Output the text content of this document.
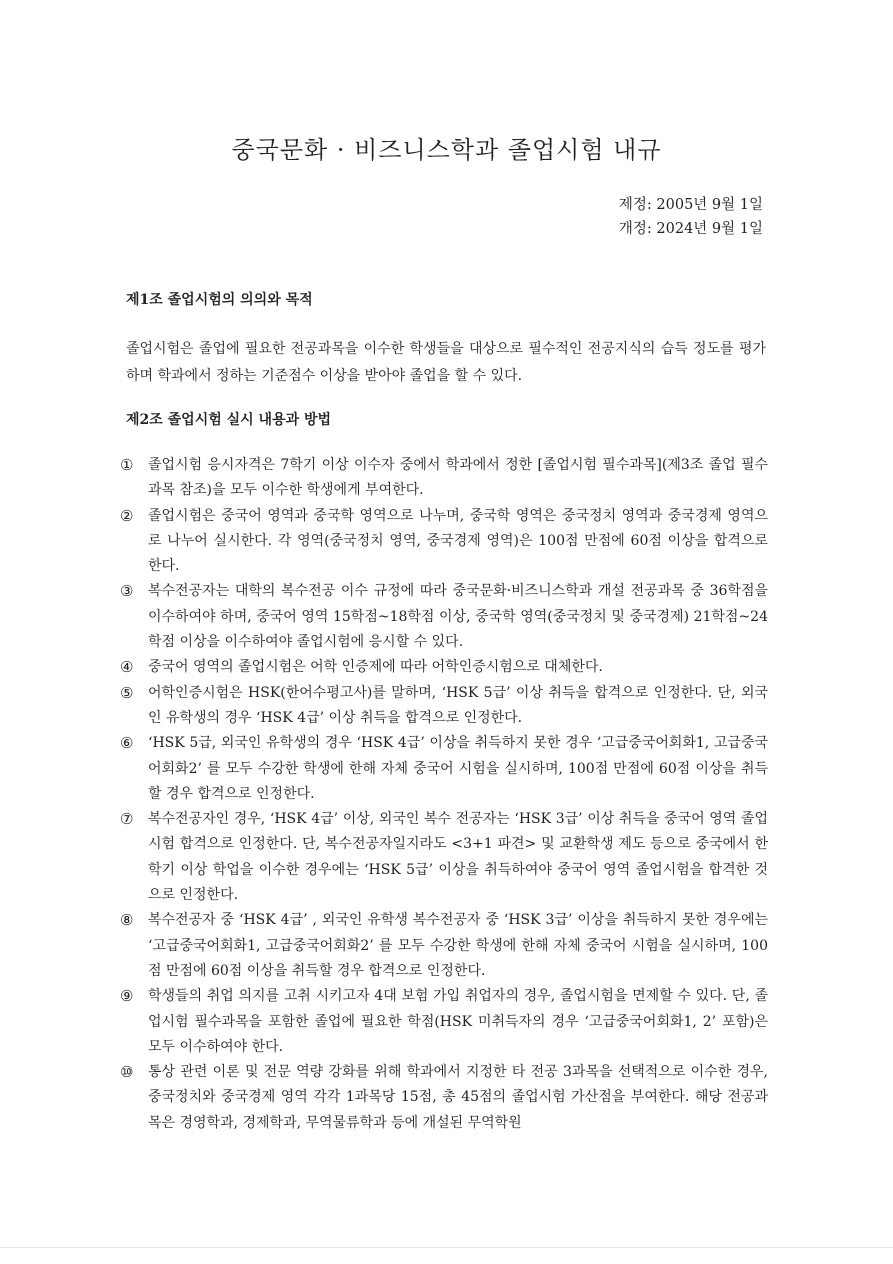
중국문화 · 비즈니스학과 졸업시험 내규
제정: 2005년 9월 1일
개정: 2024년 9월 1일
제1조 졸업시험의 의의와 목적
졸업시험은 졸업에 필요한 전공과목을 이수한 학생들을 대상으로 필수적인 전공지식의 습득 정도를 평가하며 학과에서 정하는 기준점수 이상을 받아야 졸업을 할 수 있다.
제2조 졸업시험 실시 내용과 방법
①	졸업시험 응시자격은 7학기 이상 이수자 중에서 학과에서 정한 [졸업시험 필수과목](제3조 졸업 필수과목 참조)을 모두 이수한 학생에게 부여한다.
②	졸업시험은 중국어 영역과 중국학 영역으로 나누며, 중국학 영역은 중국정치 영역과 중국경제 영역으로 나누어 실시한다. 각 영역(중국정치 영역, 중국경제 영역)은 100점 만점에 60점 이상을 합격으로 한다.
③	복수전공자는 대학의 복수전공 이수 규정에 따라 중국문화·비즈니스학과 개설 전공과목 중 36학점을 이수하여야 하며, 중국어 영역 15학점~18학점 이상, 중국학 영역(중국정치 및 중국경제) 21학점~24학점 이상을 이수하여야 졸업시험에 응시할 수 있다.
④	중국어 영역의 졸업시험은 어학 인증제에 따라 어학인증시험으로 대체한다.
⑤	어학인증시험은 HSK(한어수평고사)를 말하며, ‘HSK 5급’ 이상 취득을 합격으로 인정한다. 단, 외국인 유학생의 경우 ‘HSK 4급’ 이상 취득을 합격으로 인정한다.
⑥	‘HSK 5급, 외국인 유학생의 경우 ‘HSK 4급’ 이상을 취득하지 못한 경우 ‘고급중국어회화1, 고급중국어회화2’ 를 모두 수강한 학생에 한해 자체 중국어 시험을 실시하며, 100점 만점에 60점 이상을 취득할 경우 합격으로 인정한다.
⑦	복수전공자인 경우, ‘HSK 4급’ 이상, 외국인 복수 전공자는 ‘HSK 3급’ 이상 취득을 중국어 영역 졸업시험 합격으로 인정한다. 단, 복수전공자일지라도 <3+1 파견> 및 교환학생 제도 등으로 중국에서 한 학기 이상 학업을 이수한 경우에는 ‘HSK 5급’ 이상을 취득하여야 중국어 영역 졸업시험을 합격한 것으로 인정한다.
⑧	복수전공자 중 ‘HSK 4급’ , 외국인 유학생 복수전공자 중 ‘HSK 3급’ 이상을 취득하지 못한 경우에는 ‘고급중국어회화1, 고급중국어회화2’ 를 모두 수강한 학생에 한해 자체 중국어 시험을 실시하며, 100점 만점에 60점 이상을 취득할 경우 합격으로 인정한다.
⑨	학생들의 취업 의지를 고취 시키고자 4대 보험 가입 취업자의 경우, 졸업시험을 면제할 수 있다. 단, 졸업시험 필수과목을 포함한 졸업에 필요한 학점(HSK 미취득자의 경우 ‘고급중국어회화1, 2’ 포함)은 모두 이수하여야 한다.
⑩	통상 관련 이론 및 전문 역량 강화를 위해 학과에서 지정한 타 전공 3과목을 선택적으로 이수한 경우, 중국정치와 중국경제 영역 각각 1과목당 15점, 총 45점의 졸업시험 가산점을 부여한다. 해당 전공과목은 경영학과, 경제학과, 무역물류학과 등에 개설된 무역학원
